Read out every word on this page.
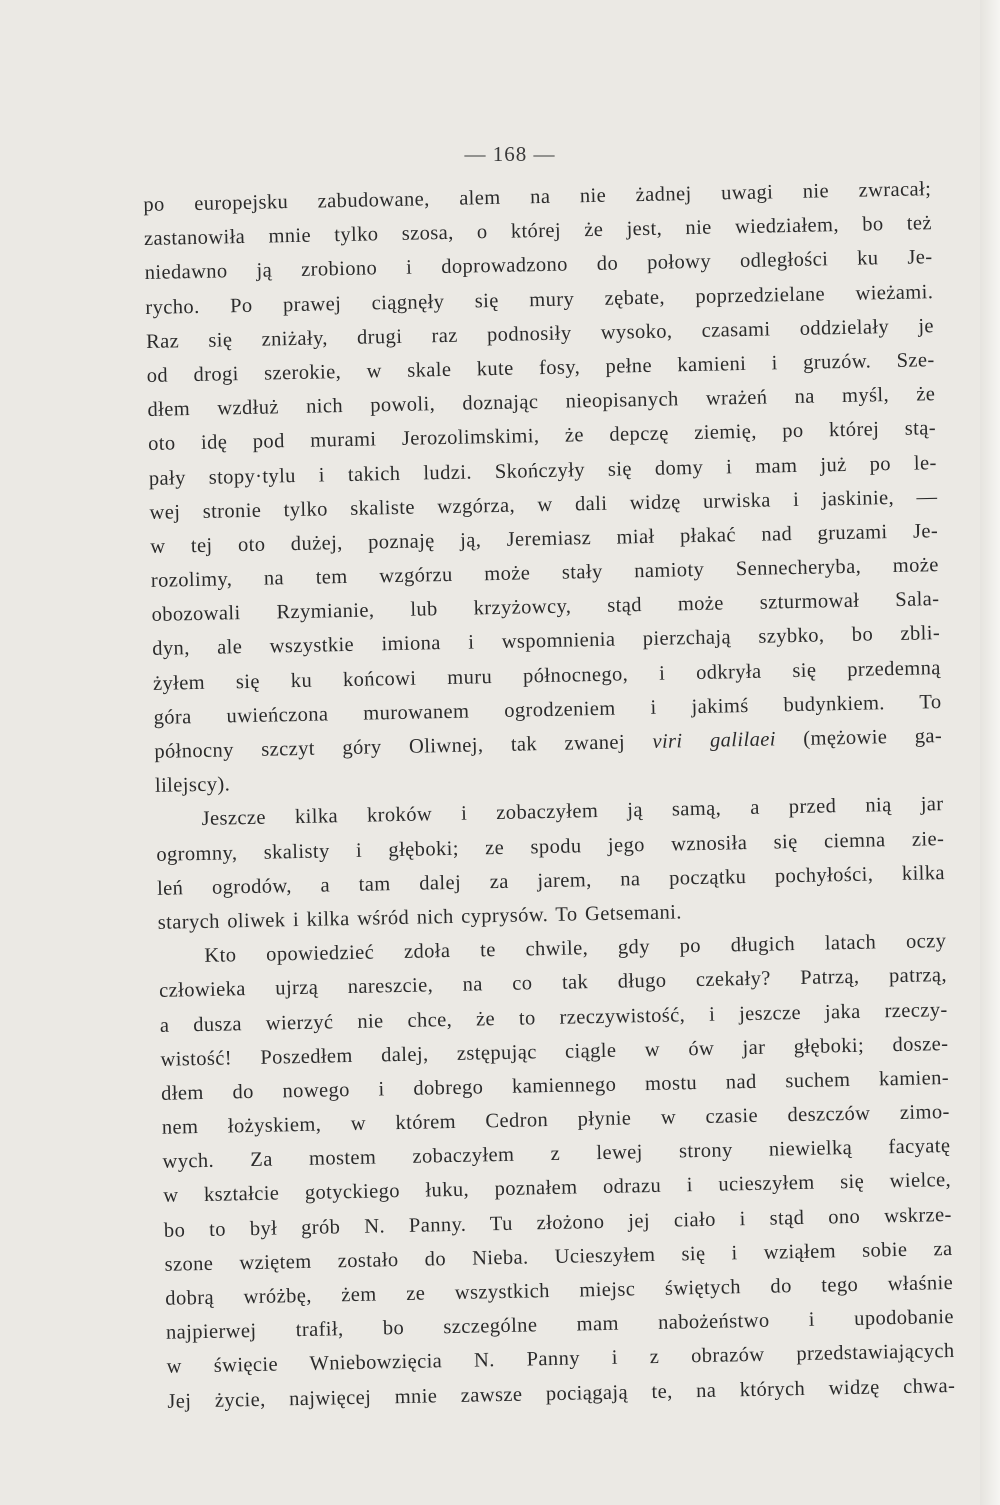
— 168 —
po europejsku zabudowane, alem na nie żadnej uwagi nie zwracał;
zastanowiła mnie tylko szosa, o której że jest, nie wiedziałem, bo też
niedawno ją zrobiono i doprowadzono do połowy odległości ku Je-
rycho. Po prawej ciągnęły się mury zębate, poprzedzielane wieżami.
Raz się zniżały, drugi raz podnosiły wysoko, czasami oddzielały je
od drogi szerokie, w skale kute fosy, pełne kamieni i gruzów. Sze-
dłem wzdłuż nich powoli, doznając nieopisanych wrażeń na myśl, że
oto idę pod murami Jerozolimskimi, że depczę ziemię, po której stą-
pały stopy·tylu i takich ludzi. Skończyły się domy i mam już po le-
wej stronie tylko skaliste wzgórza, w dali widzę urwiska i jaskinie, —
w tej oto dużej, poznaję ją, Jeremiasz miał płakać nad gruzami Je-
rozolimy, na tem wzgórzu może stały namioty Sennecheryba, może
obozowali Rzymianie, lub krzyżowcy, stąd może szturmował Sala-
dyn, ale wszystkie imiona i wspomnienia pierzchają szybko, bo zbli-
żyłem się ku końcowi muru północnego, i odkryła się przedemną
góra uwieńczona murowanem ogrodzeniem i jakimś budynkiem. To
północny szczyt góry Oliwnej, tak zwanej viri galilaei (mężowie ga-
lilejscy).
Jeszcze kilka kroków i zobaczyłem ją samą, a przed nią jar
ogromny, skalisty i głęboki; ze spodu jego wznosiła się ciemna zie-
leń ogrodów, a tam dalej za jarem, na początku pochyłości, kilka
starych oliwek i kilka wśród nich cyprysów. To Getsemani.
Kto opowiedzieć zdoła te chwile, gdy po długich latach oczy
człowieka ujrzą nareszcie, na co tak długo czekały? Patrzą, patrzą,
a dusza wierzyć nie chce, że to rzeczywistość, i jeszcze jaka rzeczy-
wistość! Poszedłem dalej, zstępując ciągle w ów jar głęboki; dosze-
dłem do nowego i dobrego kamiennego mostu nad suchem kamien-
nem łożyskiem, w którem Cedron płynie w czasie deszczów zimo-
wych. Za mostem zobaczyłem z lewej strony niewielką facyatę
w kształcie gotyckiego łuku, poznałem odrazu i ucieszyłem się wielce,
bo to był grób N. Panny. Tu złożono jej ciało i stąd ono wskrze-
szone wziętem zostało do Nieba. Ucieszyłem się i wziąłem sobie za
dobrą wróżbę, żem ze wszystkich miejsc świętych do tego właśnie
najpierwej trafił, bo szczególne mam nabożeństwo i upodobanie
w święcie Wniebowzięcia N. Panny i z obrazów przedstawiających
Jej życie, najwięcej mnie zawsze pociągają te, na których widzę chwa-
